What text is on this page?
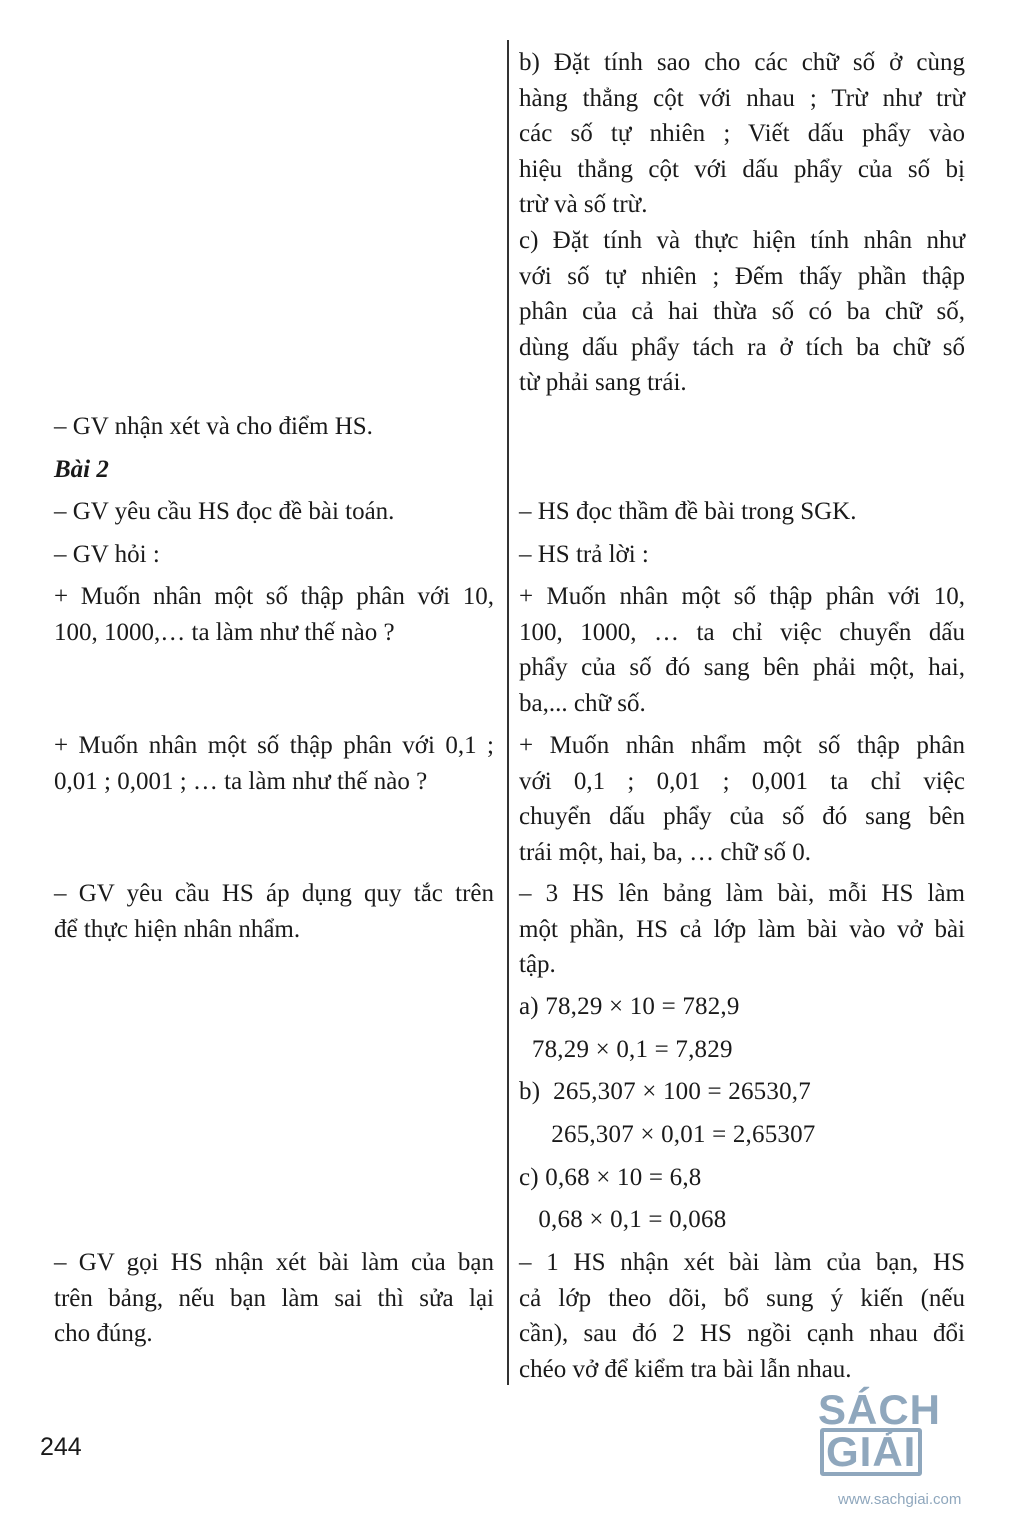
b) Đặt tính sao cho các chữ số ở cùng
hàng thẳng cột với nhau ; Trừ như trừ
các số tự nhiên ; Viết dấu phẩy vào
hiệu thẳng cột với dấu phẩy của số bị
trừ và số trừ.
c) Đặt tính và thực hiện tính nhân như
với số tự nhiên ; Đếm thấy phần thập
phân của cả hai thừa số có ba chữ số,
dùng dấu phẩy tách ra ở tích ba chữ số
từ phải sang trái.
– GV nhận xét và cho điểm HS.
Bài 2
– GV yêu cầu HS đọc đề bài toán.
– GV hỏi :
+ Muốn nhân một số thập phân với 10,
100, 1000,… ta làm như thế nào ?
+ Muốn nhân một số thập phân với 0,1 ;
0,01 ; 0,001 ; … ta làm như thế nào ?
– GV yêu cầu HS áp dụng quy tắc trên
để thực hiện nhân nhẩm.
– GV gọi HS nhận xét bài làm của bạn
trên bảng, nếu bạn làm sai thì sửa lại
cho đúng.
– HS đọc thầm đề bài trong SGK.
– HS trả lời :
+ Muốn nhân một số thập phân với 10,
100, 1000, … ta chỉ việc chuyển dấu
phẩy của số đó sang bên phải một, hai,
ba,... chữ số.
+ Muốn nhân nhẩm một số thập phân
với 0,1 ; 0,01 ; 0,001 ta chỉ việc
chuyển dấu phẩy của số đó sang bên
trái một, hai, ba, … chữ số 0.
– 3 HS lên bảng làm bài, mỗi HS làm
một phần, HS cả lớp làm bài vào vở bài
tập.
a) 78,29 × 10 = 782,9
78,29 × 0,1 = 7,829
b)  265,307 × 100 = 26530,7
265,307 × 0,01 = 2,65307
c) 0,68 × 10 = 6,8
0,68 × 0,1 = 0,068
– 1 HS nhận xét bài làm của bạn, HS
cả lớp theo dõi, bổ sung ý kiến (nếu
cần), sau đó 2 HS ngồi cạnh nhau đổi
chéo vở để kiểm tra bài lẫn nhau.
244
SÁCHGIẢI
www.sachgiai.com
